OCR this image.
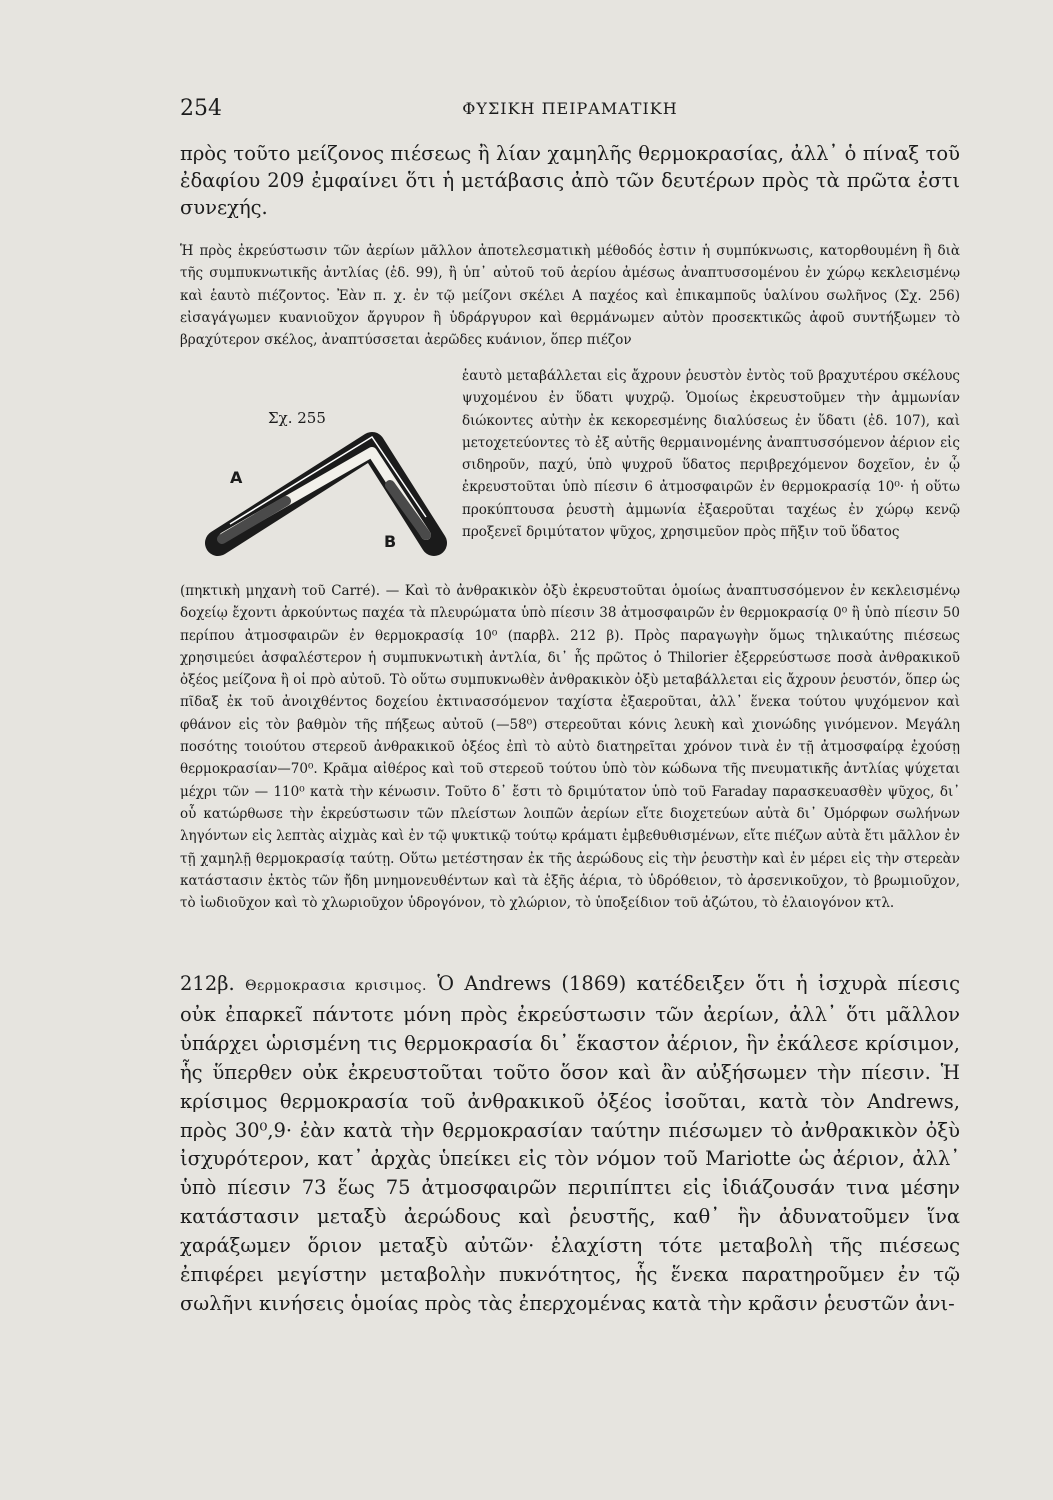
254	ΦΥΣΙΚΗ ΠΕΙΡΑΜΑΤΙΚΗ

πρὸς τοῦτο μείζονος πιέσεως ἢ λίαν χαμηλῆς θερμοκρασίας, ἀλλ᾽ ὁ πίναξ τοῦ ἐδαφίου 209 ἐμφαίνει ὅτι ἡ μετάβασις ἀπὸ τῶν δευτέρων πρὸς τὰ πρῶτα ἐστι συνεχής.

Ἡ πρὸς ἐκρεύστωσιν τῶν ἀερίων μᾶλλον ἀποτελεσματικὴ μέθοδός ἐστιν ἡ συμπύκνωσις, κατορθουμένη ἢ διὰ τῆς συμπυκνωτικῆς ἀντλίας (ἐδ. 99), ἢ ὑπ᾽ αὐτοῦ τοῦ ἀερίου ἀμέσως ἀναπτυσσομένου ἐν χώρῳ κεκλεισμένῳ καὶ ἑαυτὸ πιέζοντος. Ἐὰν π. χ. ἐν τῷ μείζονι σκέλει Α παχέος καὶ ἐπικαμποῦς ὑαλίνου σωλῆνος (Σχ. 256) εἰσαγάγωμεν κυανιοῦχον ἄργυρον ἢ ὑδράργυρον καὶ θερμάνωμεν αὐτὸν προσεκτικῶς ἀφοῦ συντήξωμεν τὸ βραχύτερον σκέλος, ἀναπτύσσεται ἀερῶδες κυάνιον, ὅπερ πιέζον

Σχ. 255
A
B

ἑαυτὸ μεταβάλλεται εἰς ἄχρουν ῥευστὸν ἐντὸς τοῦ βραχυτέρου σκέλους ψυχομένου ἐν ὕδατι ψυχρῷ. Ὁμοίως ἐκρευστοῦμεν τὴν ἀμμωνίαν διώκοντες αὐτὴν ἐκ κεκορεσμένης διαλύσεως ἐν ὕδατι (ἐδ. 107), καὶ μετοχετεύοντες τὸ ἐξ αὐτῆς θερμαινομένης ἀναπτυσσόμενον ἀέριον εἰς σιδηροῦν, παχύ, ὑπὸ ψυχροῦ ὕδατος περιβρεχόμενον δοχεῖον, ἐν ᾧ ἐκρευστοῦται ὑπὸ πίεσιν 6 ἀτμοσφαιρῶν ἐν θερμοκρασίᾳ 10⁰· ἡ οὕτω προκύπτουσα ῥευστὴ ἀμμωνία ἐξαεροῦται ταχέως ἐν χώρῳ κενῷ προξενεῖ δριμύτατον ψῦχος, χρησιμεῦον πρὸς πῆξιν τοῦ ὕδατος

(πηκτικὴ μηχανὴ τοῦ Carré). — Καὶ τὸ ἀνθρακικὸν ὀξὺ ἐκρευστοῦται ὁμοίως ἀναπτυσσόμενον ἐν κεκλεισμένῳ δοχείῳ ἔχοντι ἀρκούντως παχέα τὰ πλευρώματα ὑπὸ πίεσιν 38 ἀτμοσφαιρῶν ἐν θερμοκρασίᾳ 0⁰ ἢ ὑπὸ πίεσιν 50 περίπου ἀτμοσφαιρῶν ἐν θερμοκρασίᾳ 10⁰ (παρβλ. 212 β). Πρὸς παραγωγὴν ὅμως τηλικαύτης πιέσεως χρησιμεύει ἀσφαλέστερον ἡ συμπυκνωτικὴ ἀντλία, δι᾽ ἧς πρῶτος ὁ Thilorier ἐξερρεύστωσε ποσὰ ἀνθρακικοῦ ὀξέος μείζονα ἢ οἱ πρὸ αὐτοῦ. Τὸ οὕτω συμπυκνωθὲν ἀνθρακικὸν ὀξὺ μεταβάλλεται εἰς ἄχρουν ῥευστόν, ὅπερ ὡς πῖδαξ ἐκ τοῦ ἀνοιχθέντος δοχείου ἐκτινασσόμενον ταχίστα ἐξαεροῦται, ἀλλ᾽ ἕνεκα τούτου ψυχόμενον καὶ φθάνον εἰς τὸν βαθμὸν τῆς πήξεως αὐτοῦ (—58⁰) στερεοῦται κόνις λευκὴ καὶ χιονώδης γινόμενον. Μεγάλη ποσότης τοιούτου στερεοῦ ἀνθρακικοῦ ὀξέος ἐπὶ τὸ αὐτὸ διατηρεῖται χρόνον τινὰ ἐν τῇ ἀτμοσφαίρᾳ ἐχούσῃ θερμοκρασίαν—70⁰. Κρᾶμα αἰθέρος καὶ τοῦ στερεοῦ τούτου ὑπὸ τὸν κώδωνα τῆς πνευματικῆς ἀντλίας ψύχεται μέχρι τῶν — 110⁰ κατὰ τὴν κένωσιν. Τοῦτο δ᾽ ἔστι τὸ δριμύτατον ὑπὸ τοῦ Faraday παρασκευασθὲν ψῦχος, δι᾽ οὗ κατώρθωσε τὴν ἐκρεύστωσιν τῶν πλείστων λοιπῶν ἀερίων εἴτε διοχετεύων αὐτὰ δι᾽ Ʊμόρφων σωλήνων ληγόντων εἰς λεπτὰς αἰχμὰς καὶ ἐν τῷ ψυκτικῷ τούτῳ κράματι ἐμβεθυθισμένων, εἴτε πιέζων αὐτὰ ἔτι μᾶλλον ἐν τῇ χαμηλῇ θερμοκρασίᾳ ταύτῃ. Οὕτω μετέστησαν ἐκ τῆς ἀερώδους εἰς τὴν ῥευστὴν καὶ ἐν μέρει εἰς τὴν στερεὰν κατάστασιν ἐκτὸς τῶν ἤδη μνημονευθέντων καὶ τὰ ἑξῆς ἀέρια, τὸ ὑδρόθειον, τὸ ἀρσενικοῦχον, τὸ βρωμιοῦχον, τὸ ἰωδιοῦχον καὶ τὸ χλωριοῦχον ὑδρογόνον, τὸ χλώριον, τὸ ὑποξείδιον τοῦ ἀζώτου, τὸ ἐλαιογόνον κτλ.

212β. Θερμοκρασια κρισιμος. Ὁ Andrews (1869) κατέδειξεν ὅτι ἡ ἰσχυρὰ πίεσις οὐκ ἐπαρκεῖ πάντοτε μόνη πρὸς ἐκρεύστωσιν τῶν ἀερίων, ἀλλ᾽ ὅτι μᾶλλον ὑπάρχει ὡρισμένη τις θερμοκρασία δι᾽ ἕκαστον ἀέριον, ἣν ἐκάλεσε κρίσιμον, ἧς ὕπερθεν οὐκ ἐκρευστοῦται τοῦτο ὅσον καὶ ἂν αὐξήσωμεν τὴν πίεσιν. Ἡ κρίσιμος θερμοκρασία τοῦ ἀνθρακικοῦ ὀξέος ἰσοῦται, κατὰ τὸν Andrews, πρὸς 30⁰,9· ἐὰν κατὰ τὴν θερμοκρασίαν ταύτην πιέσωμεν τὸ ἀνθρακικὸν ὀξὺ ἰσχυρότερον, κατ᾽ ἀρχὰς ὑπείκει εἰς τὸν νόμον τοῦ Mariotte ὡς ἀέριον, ἀλλ᾽ ὑπὸ πίεσιν 73 ἕως 75 ἀτμοσφαιρῶν περιπίπτει εἰς ἰδιάζουσάν τινα μέσην κατάστασιν μεταξὺ ἀερώδους καὶ ῥευστῆς, καθ᾽ ἣν ἀδυνατοῦμεν ἵνα χαράξωμεν ὅριον μεταξὺ αὐτῶν· ἐλαχίστη τότε μεταβολὴ τῆς πιέσεως ἐπιφέρει μεγίστην μεταβολὴν πυκνότητος, ἧς ἕνεκα παρατηροῦμεν ἐν τῷ σωλῆνι κινήσεις ὁμοίας πρὸς τὰς ἐπερχομένας κατὰ τὴν κρᾶσιν ῥευστῶν ἀνι-
